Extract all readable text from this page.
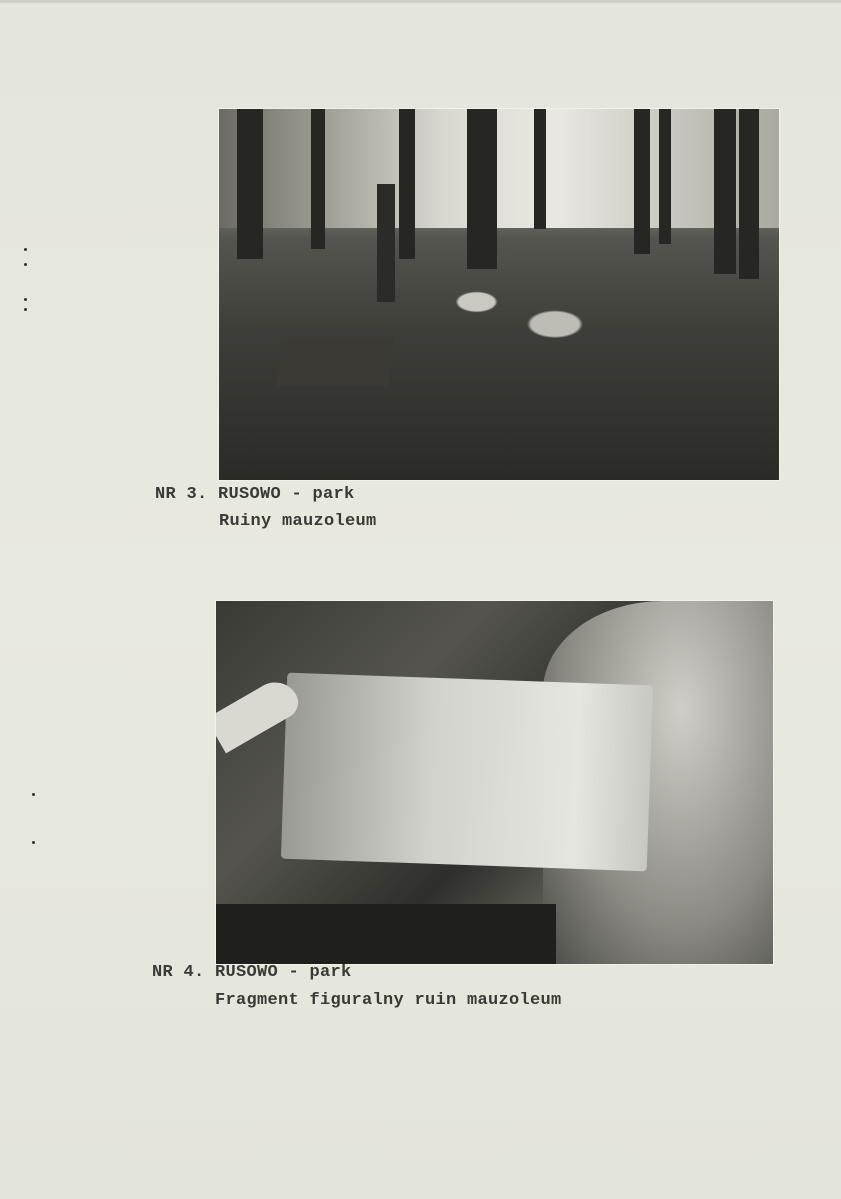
NR 3. RUSOWO - park
Ruiny mauzoleum
NR 4. RUSOWO - park
Fragment figuralny ruin mauzoleum
